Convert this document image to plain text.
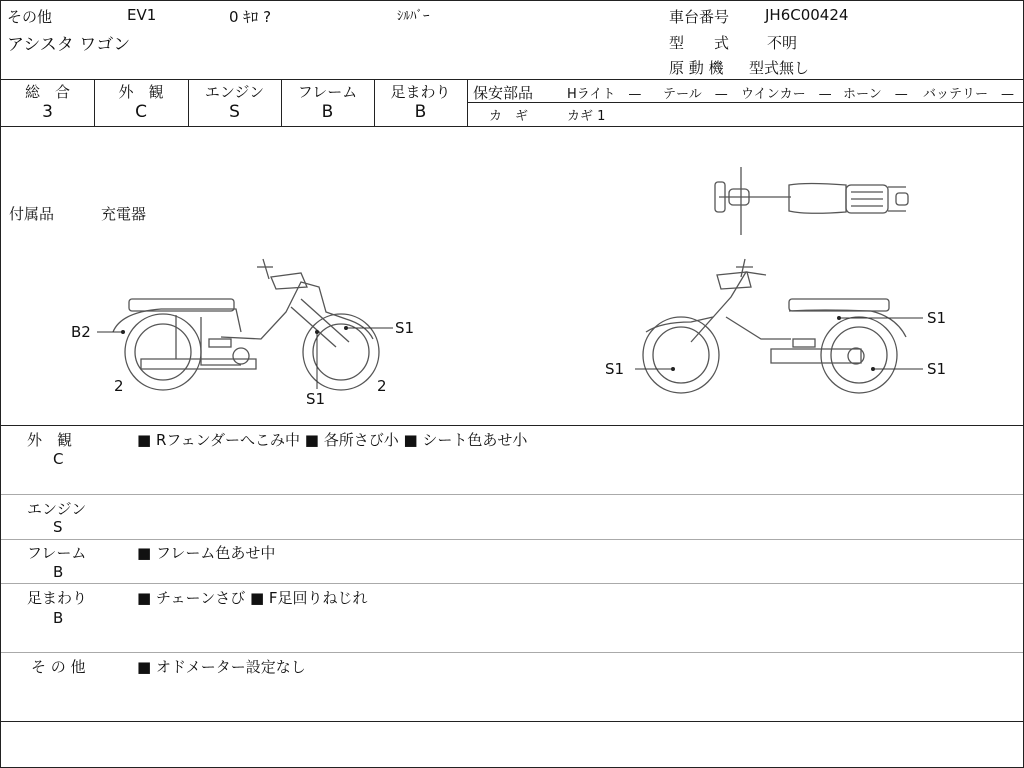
その他	EV1	0 ｷﾛ ?	ｼﾙﾊﾞｰ
アシスタ ワゴン
車台番号 JH6C00424
型　　式	不明
原 動 機 型式無し
総　合
3
外　観
C
エンジン
S
フレーム
B
足まわり
B
保安部品	Hライト　— テール　— ウインカー　— ホーン　— バッテリー　—
カ　ギ	カギ 1
付属品	充電器
B2	S1
2	2
S1
S1
S1	S1
外　観
C
■ Rフェンダーへこみ中 ■ 各所さび小 ■ シート色あせ小
エンジン
S
フレーム
B
■ フレーム色あせ中
足まわり
B
■ チェーンさび ■ F足回りねじれ
そ の 他	■ オドメーター設定なし
